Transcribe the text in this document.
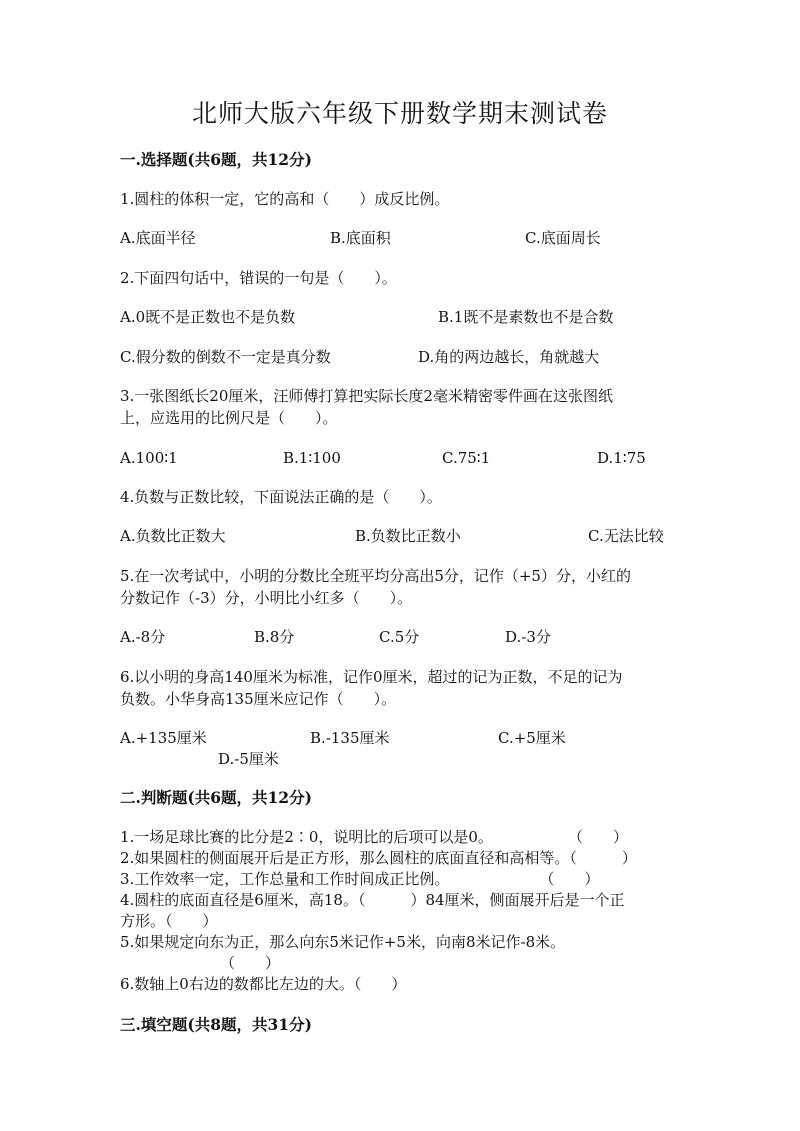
北师大版六年级下册数学期末测试卷
一.选择题(共6题，共12分)
1.圆柱的体积一定，它的高和（　　）成反比例。
A.底面半径	B.底面积	C.底面周长
2.下面四句话中，错误的一句是（　　）。
A.0既不是正数也不是负数	B.1既不是素数也不是合数
C.假分数的倒数不一定是真分数	D.角的两边越长，角就越大
3.一张图纸长20厘米，汪师傅打算把实际长度2毫米精密零件画在这张图纸
上，应选用的比例尺是（　　）。
A.100∶1	B.1∶100	C.75∶1	D.1∶75
4.负数与正数比较，下面说法正确的是（　　）。
A.负数比正数大	B.负数比正数小	C.无法比较
5.在一次考试中，小明的分数比全班平均分高出5分，记作（+5）分，小红的
分数记作（-3）分，小明比小红多（　　）。
A.-8分	B.8分	C.5分	D.-3分
6.以小明的身高140厘米为标准，记作0厘米，超过的记为正数，不足的记为
负数。小华身高135厘米应记作（　　）。
A.+135厘米	B.-135厘米	C.+5厘米
D.-5厘米
二.判断题(共6题，共12分)
1.一场足球比赛的比分是2∶0，说明比的后项可以是0。　　　　　　（　　）
2.如果圆柱的侧面展开后是正方形，那么圆柱的底面直径和高相等。（　　　）
3.工作效率一定，工作总量和工作时间成正比例。　　　　　　　（　　）
4.圆柱的底面直径是6厘米，高18。（　　　）84厘米，侧面展开后是一个正
方形。（　　）
5.如果规定向东为正，那么向东5米记作+5米，向南8米记作-8米。
（　　）
6.数轴上0右边的数都比左边的大。（　　）
三.填空题(共8题，共31分)
